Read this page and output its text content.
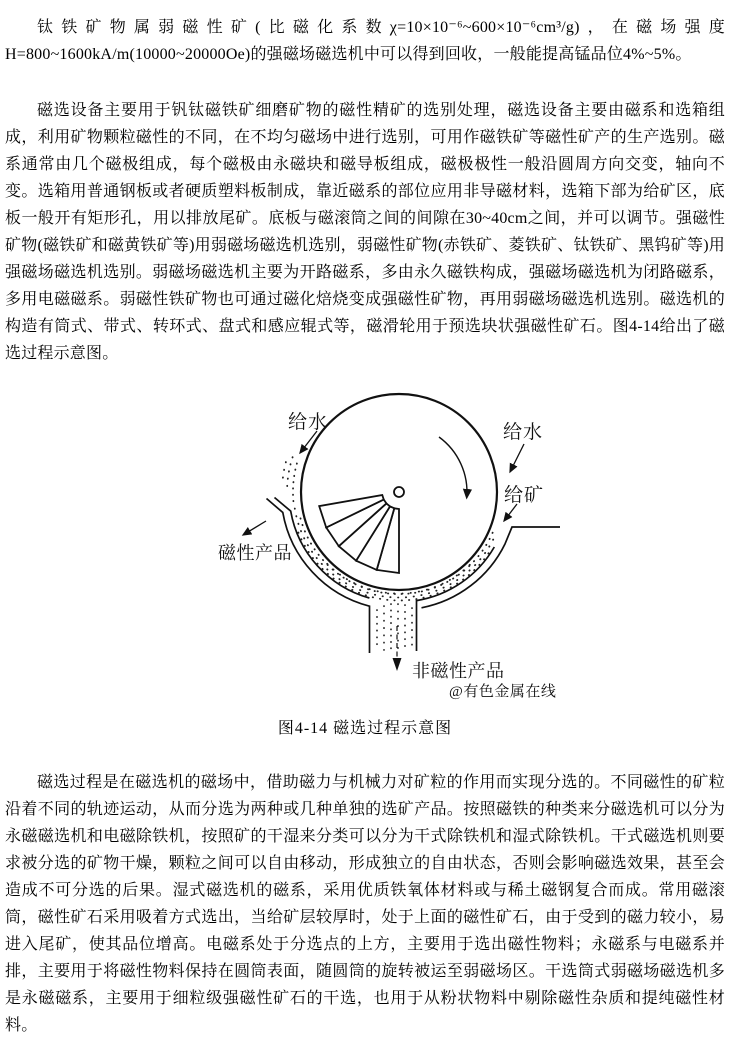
钛铁矿物属弱磁性矿(比磁化系数χ=10×10⁻⁶~600×10⁻⁶cm³/g)，在磁场强度H=800~1600kA/m(10000~20000Oe)的强磁场磁选机中可以得到回收，一般能提高锰品位4%~5%。

磁选设备主要用于钒钛磁铁矿细磨矿物的磁性精矿的选别处理，磁选设备主要由磁系和选箱组成，利用矿物颗粒磁性的不同，在不均匀磁场中进行选别，可用作磁铁矿等磁性矿产的生产选别。磁系通常由几个磁极组成，每个磁极由永磁块和磁导板组成，磁极极性一般沿圆周方向交变，轴向不变。选箱用普通钢板或者硬质塑料板制成，靠近磁系的部位应用非导磁材料，选箱下部为给矿区，底板一般开有矩形孔，用以排放尾矿。底板与磁滚筒之间的间隙在30~40cm之间，并可以调节。强磁性矿物(磁铁矿和磁黄铁矿等)用弱磁场磁选机选别，弱磁性矿物(赤铁矿、菱铁矿、钛铁矿、黑钨矿等)用强磁场磁选机选别。弱磁场磁选机主要为开路磁系，多由永久磁铁构成，强磁场磁选机为闭路磁系，多用电磁磁系。弱磁性铁矿物也可通过磁化焙烧变成强磁性矿物，再用弱磁场磁选机选别。磁选机的构造有筒式、带式、转环式、盘式和感应辊式等，磁滑轮用于预选块状强磁性矿石。图4-14给出了磁选过程示意图。

给水	给水
给矿
磁性产品
非磁性产品
@有色金属在线
图4-14 磁选过程示意图

磁选过程是在磁选机的磁场中，借助磁力与机械力对矿粒的作用而实现分选的。不同磁性的矿粒沿着不同的轨迹运动，从而分选为两种或几种单独的选矿产品。按照磁铁的种类来分磁选机可以分为永磁磁选机和电磁除铁机，按照矿的干湿来分类可以分为干式除铁机和湿式除铁机。干式磁选机则要求被分选的矿物干燥，颗粒之间可以自由移动，形成独立的自由状态，否则会影响磁选效果，甚至会造成不可分选的后果。湿式磁选机的磁系，采用优质铁氧体材料或与稀土磁钢复合而成。常用磁滚筒，磁性矿石采用吸着方式选出，当给矿层较厚时，处于上面的磁性矿石，由于受到的磁力较小，易进入尾矿，使其品位增高。电磁系处于分选点的上方，主要用于选出磁性物料；永磁系与电磁系并排，主要用于将磁性物料保持在圆筒表面，随圆筒的旋转被运至弱磁场区。干选筒式弱磁场磁选机多是永磁磁系，主要用于细粒级强磁性矿石的干选，也用于从粉状物料中剔除磁性杂质和提纯磁性材料。
